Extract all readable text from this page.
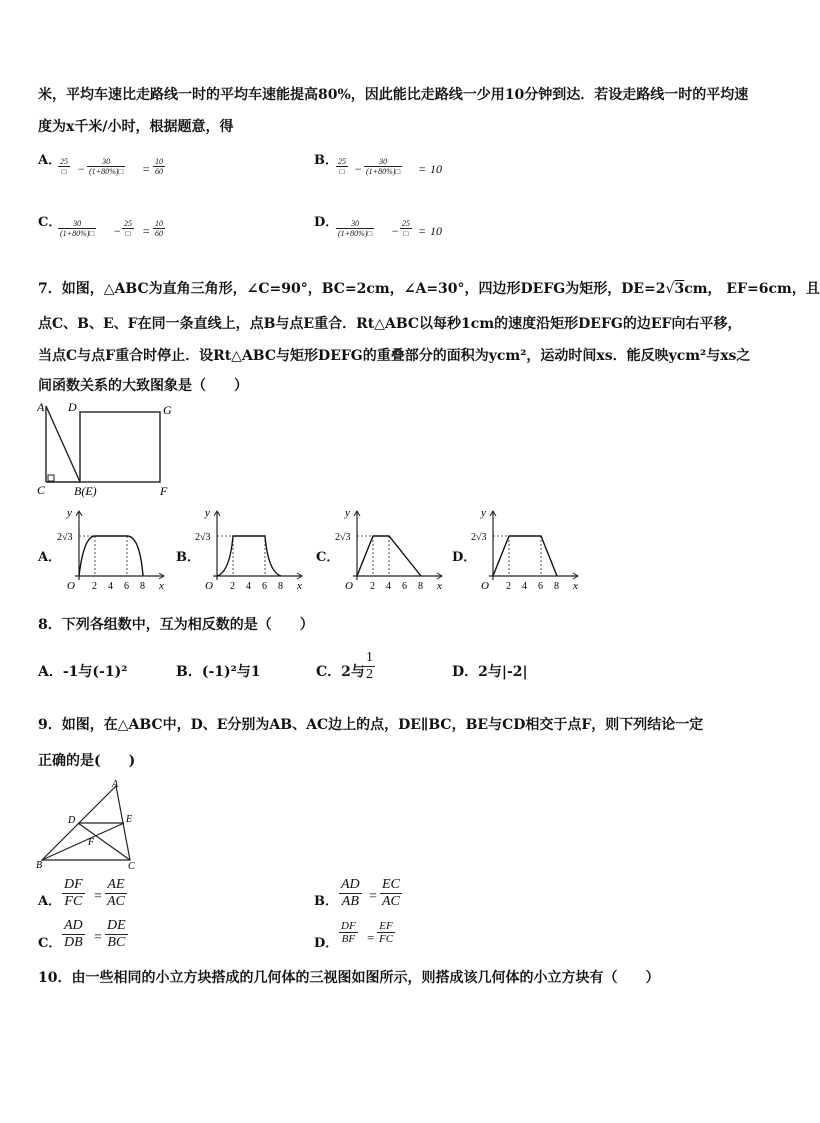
米，平均车速比走路线一时的平均车速能提高80%，因此能比走路线一少用10分钟到达．若设走路线一时的平均速
度为x千米/小时，根据题意，得
A．
25
□ −
30
(1+80%)□ =
10
60
B． 25
□ −
30
(1+80%)□ = 10
C． 30
(1+80%)□ −
25
□ =
10
60
D． 30
(1+80%)□ −
25
□ = 10
7．如图，△ABC为直角三角形，∠C=90°，BC=2cm，∠A=30°，四边形DEFG为矩形，DE=2√3cm， EF=6cm，且
点C、B、E、F在同一条直线上，点B与点E重合．Rt△ABC以每秒1cm的速度沿矩形DEFG的边EF向右平移，
当点C与点F重合时停止．设Rt△ABC与矩形DEFG的重叠部分的面积为ycm²，运动时间xs．能反映ycm²与xs之
间函数关系的大致图象是（　　）
A D	G
C B(E)	F
A．
y
x
O
2√3
2 4 6 8
B．
y
x
O
2√3
2 4 6 8
C．
y
x
O
2√3
2 4 6 8
D．
y
x
O
2√3
2 4 6 8
8．下列各组数中，互为相反数的是（　　）
A．-1与(-1)²	B．(-1)²与1	C．2与
1
2	D．2与|-2|
9．如图，在△ABC中，D、E分别为AB、AC边上的点，DE∥BC，BE与CD相交于点F，则下列结论一定
正确的是(　　)
A
D	E
F
B	C
A．
DF
FC =
AE
AC	B．
AD
AB =
EC
AC
C．
AD
DB =
DE
BC	D．
DF
BF =
EF
FC
10．由一些相同的小立方块搭成的几何体的三视图如图所示，则搭成该几何体的小立方块有（　　）
